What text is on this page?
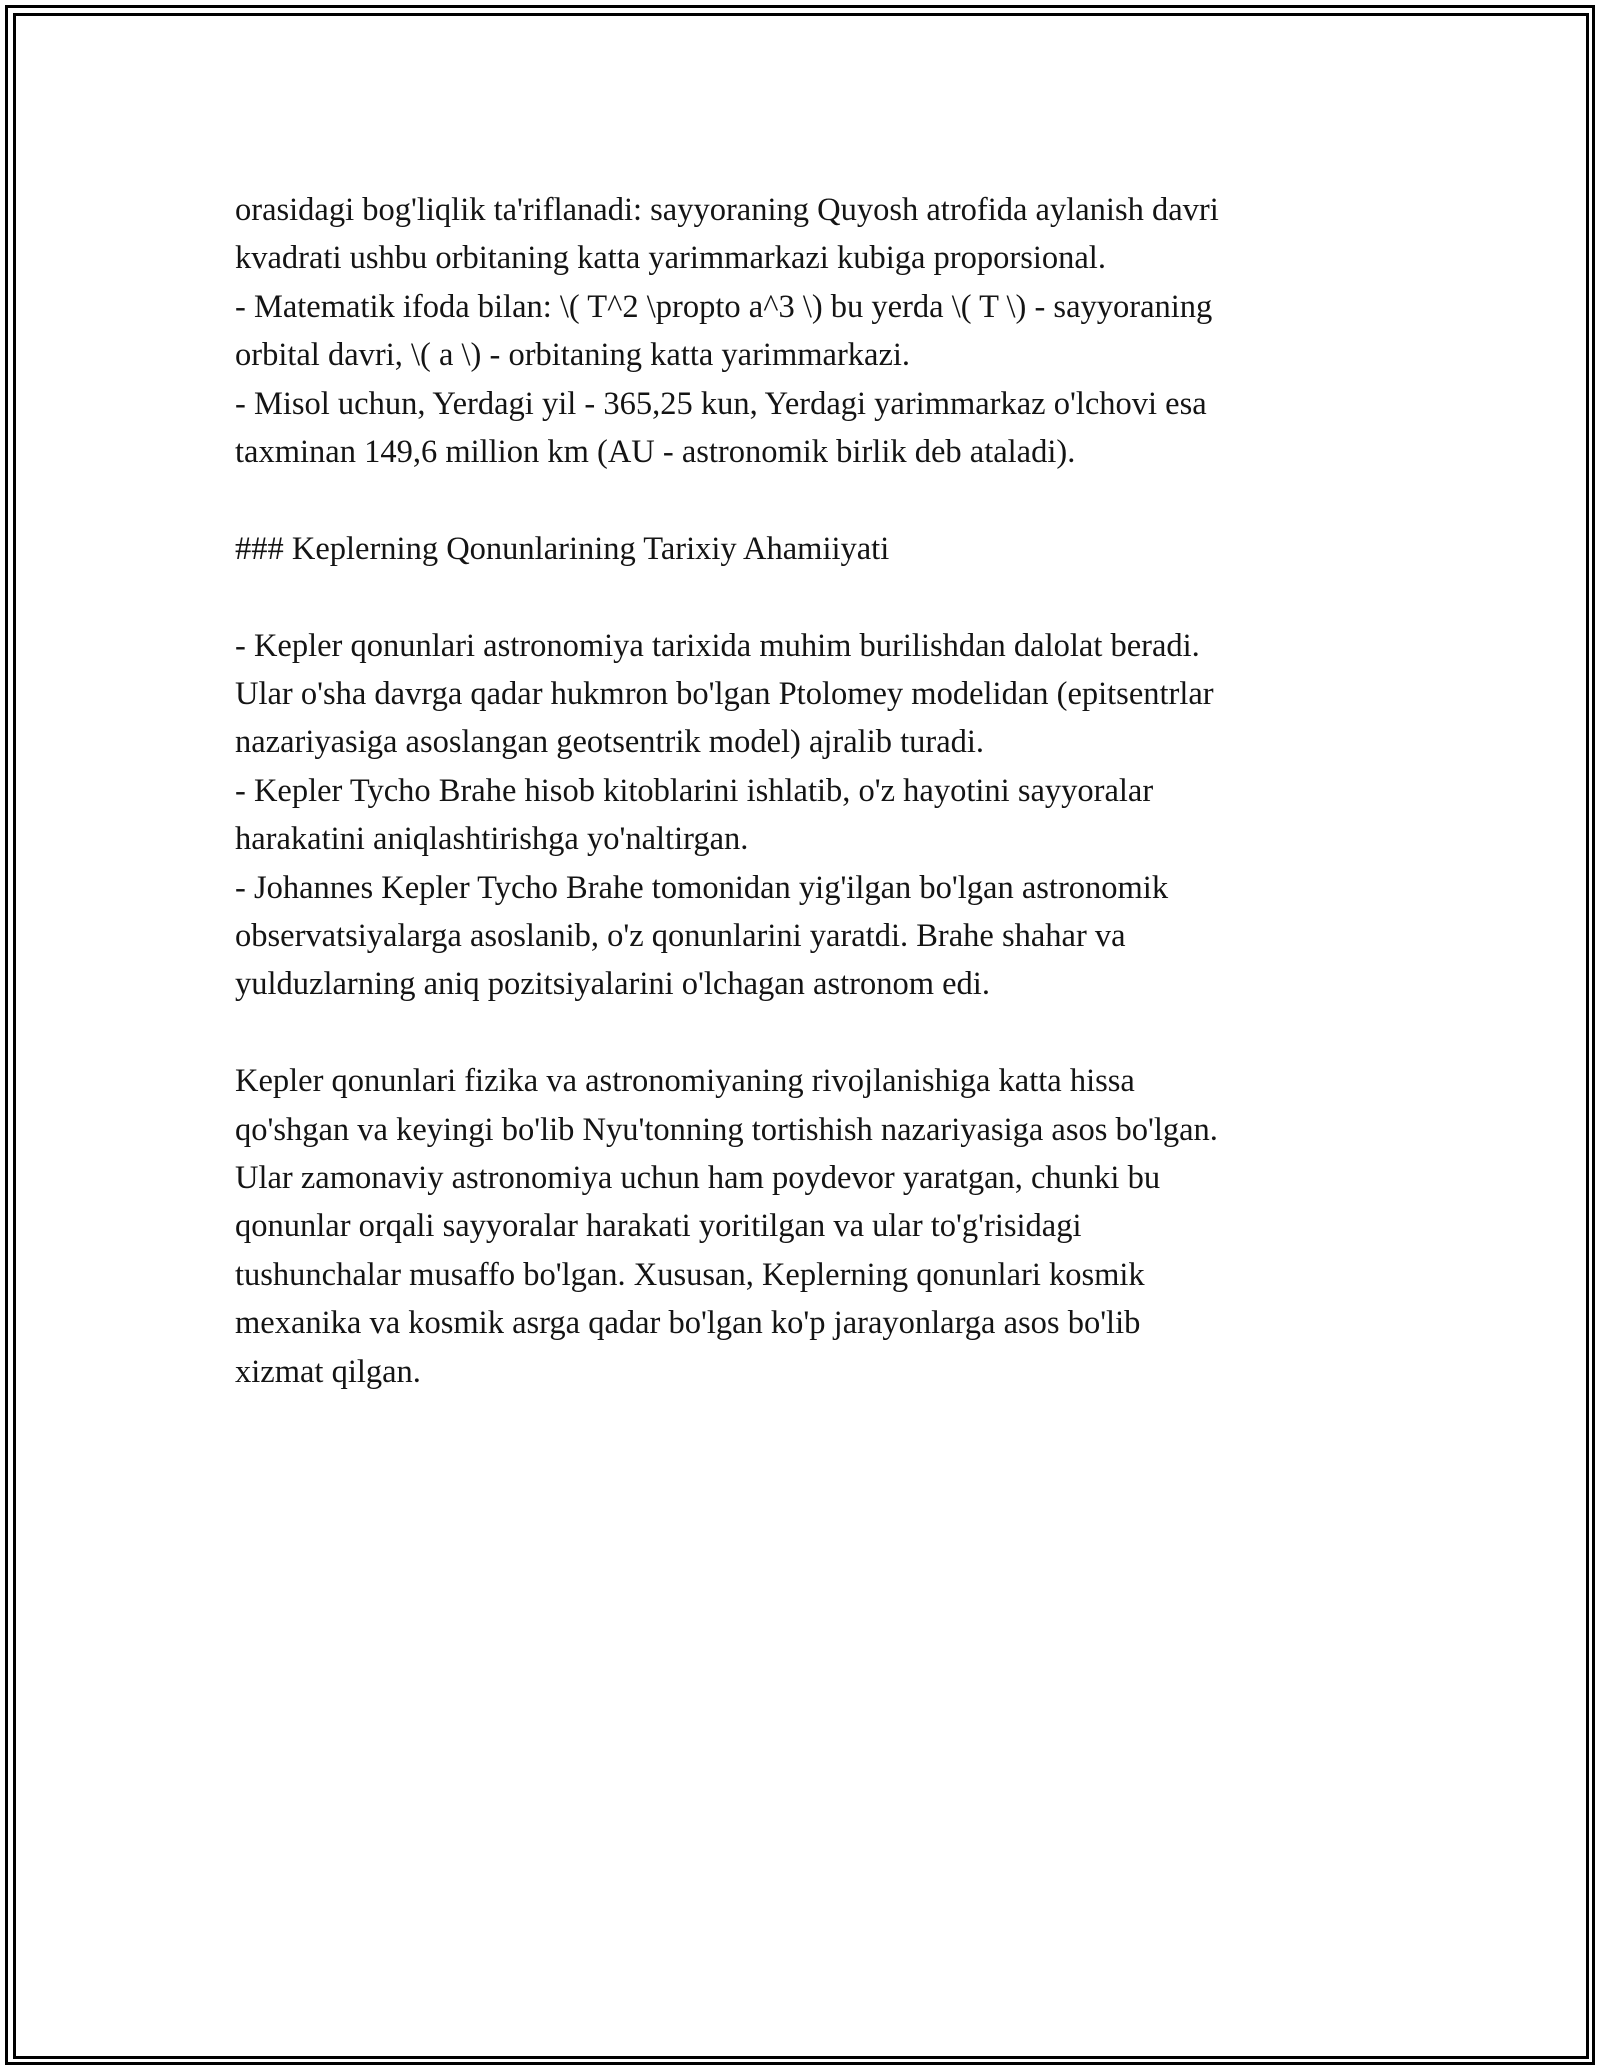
orasidagi bog'liqlik ta'riflanadi: sayyoraning Quyosh atrofida aylanish davri
kvadrati ushbu orbitaning katta yarimmarkazi kubiga proporsional.
- Matematik ifoda bilan: \( T^2 \propto a^3 \) bu yerda \( T \) - sayyoraning
orbital davri, \( a \) - orbitaning katta yarimmarkazi.
- Misol uchun, Yerdagi yil - 365,25 kun, Yerdagi yarimmarkaz o'lchovi esa
taxminan 149,6 million km (AU - astronomik birlik deb ataladi).
### Keplerning Qonunlarining Tarixiy Ahamiiyati
- Kepler qonunlari astronomiya tarixida muhim burilishdan dalolat beradi.
Ular o'sha davrga qadar hukmron bo'lgan Ptolomey modelidan (epitsentrlar
nazariyasiga asoslangan geotsentrik model) ajralib turadi.
- Kepler Tycho Brahe hisob kitoblarini ishlatib, o'z hayotini sayyoralar
harakatini aniqlashtirishga yo'naltirgan.
- Johannes Kepler Tycho Brahe tomonidan yig'ilgan bo'lgan astronomik
observatsiyalarga asoslanib, o'z qonunlarini yaratdi. Brahe shahar va
yulduzlarning aniq pozitsiyalarini o'lchagan astronom edi.
Kepler qonunlari fizika va astronomiyaning rivojlanishiga katta hissa
qo'shgan va keyingi bo'lib Nyu'tonning tortishish nazariyasiga asos bo'lgan.
Ular zamonaviy astronomiya uchun ham poydevor yaratgan, chunki bu
qonunlar orqali sayyoralar harakati yoritilgan va ular to'g'risidagi
tushunchalar musaffo bo'lgan. Xususan, Keplerning qonunlari kosmik
mexanika va kosmik asrga qadar bo'lgan ko'p jarayonlarga asos bo'lib
xizmat qilgan.
